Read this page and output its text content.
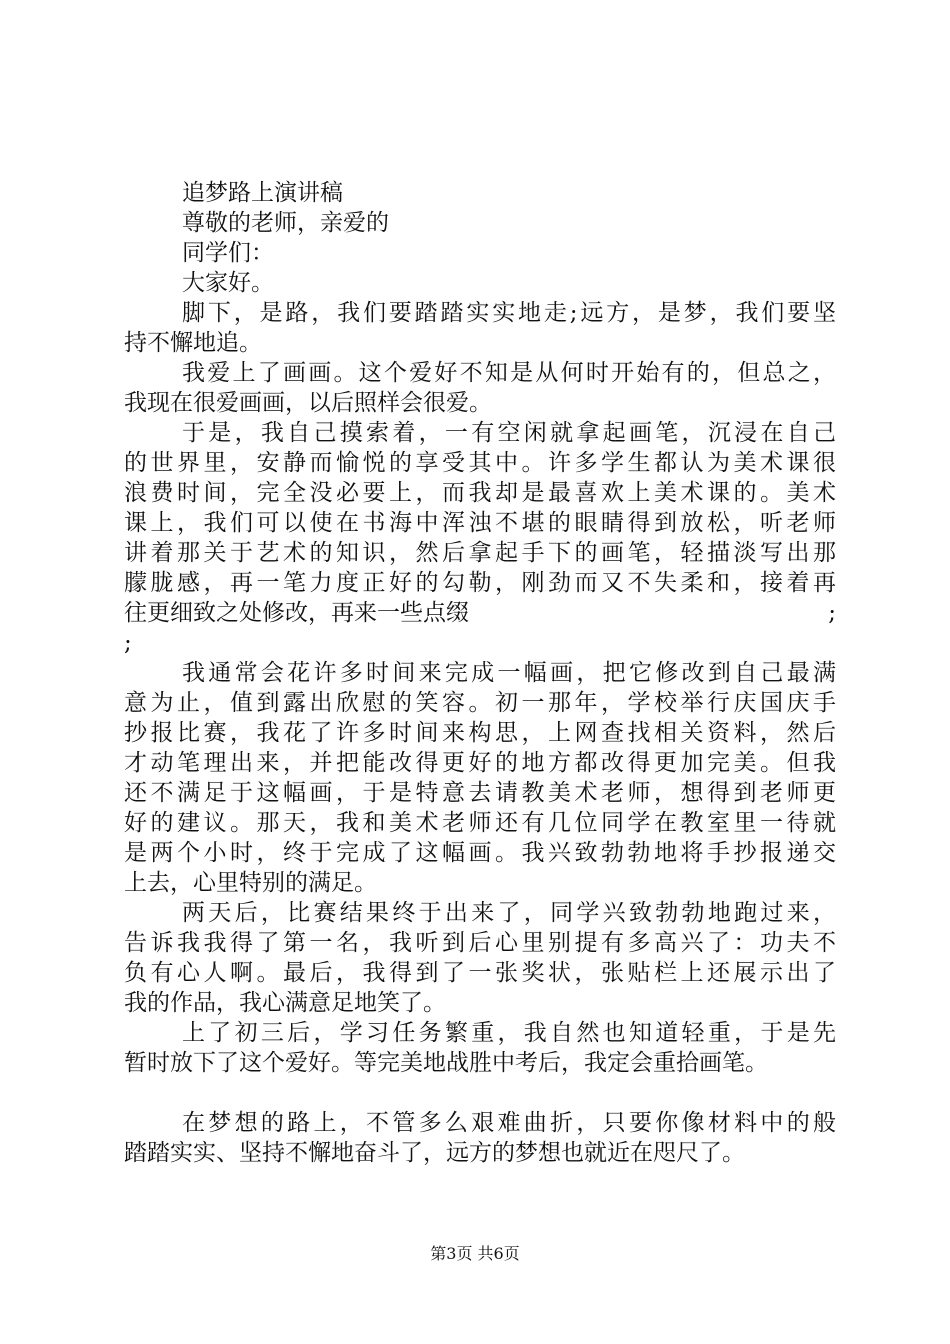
追梦路上演讲稿
尊敬的老师，亲爱的
同学们：
大家好。
脚下，是路，我们要踏踏实实地走;远方，是梦，我们要坚
持不懈地追。
我爱上了画画。这个爱好不知是从何时开始有的，但总之，
我现在很爱画画，以后照样会很爱。
于是，我自己摸索着，一有空闲就拿起画笔，沉浸在自己
的世界里，安静而愉悦的享受其中。许多学生都认为美术课很
浪费时间，完全没必要上，而我却是最喜欢上美术课的。美术
课上，我们可以使在书海中浑浊不堪的眼睛得到放松，听老师
讲着那关于艺术的知识，然后拿起手下的画笔，轻描淡写出那
朦胧感，再一笔力度正好的勾勒，刚劲而又不失柔和，接着再
往更细致之处修改，再来一些点缀	;
;
我通常会花许多时间来完成一幅画，把它修改到自己最满
意为止，值到露出欣慰的笑容。初一那年，学校举行庆国庆手
抄报比赛，我花了许多时间来构思，上网查找相关资料，然后
才动笔理出来，并把能改得更好的地方都改得更加完美。但我
还不满足于这幅画，于是特意去请教美术老师，想得到老师更
好的建议。那天，我和美术老师还有几位同学在教室里一待就
是两个小时，终于完成了这幅画。我兴致勃勃地将手抄报递交
上去，心里特别的满足。
两天后，比赛结果终于出来了，同学兴致勃勃地跑过来，
告诉我我得了第一名，我听到后心里别提有多高兴了：功夫不
负有心人啊。最后，我得到了一张奖状，张贴栏上还展示出了
我的作品，我心满意足地笑了。
上了初三后，学习任务繁重，我自然也知道轻重，于是先
暂时放下了这个爱好。等完美地战胜中考后，我定会重拾画笔。
在梦想的路上，不管多么艰难曲折，只要你像材料中的般
踏踏实实、坚持不懈地奋斗了，远方的梦想也就近在咫尺了。
第3页 共6页
